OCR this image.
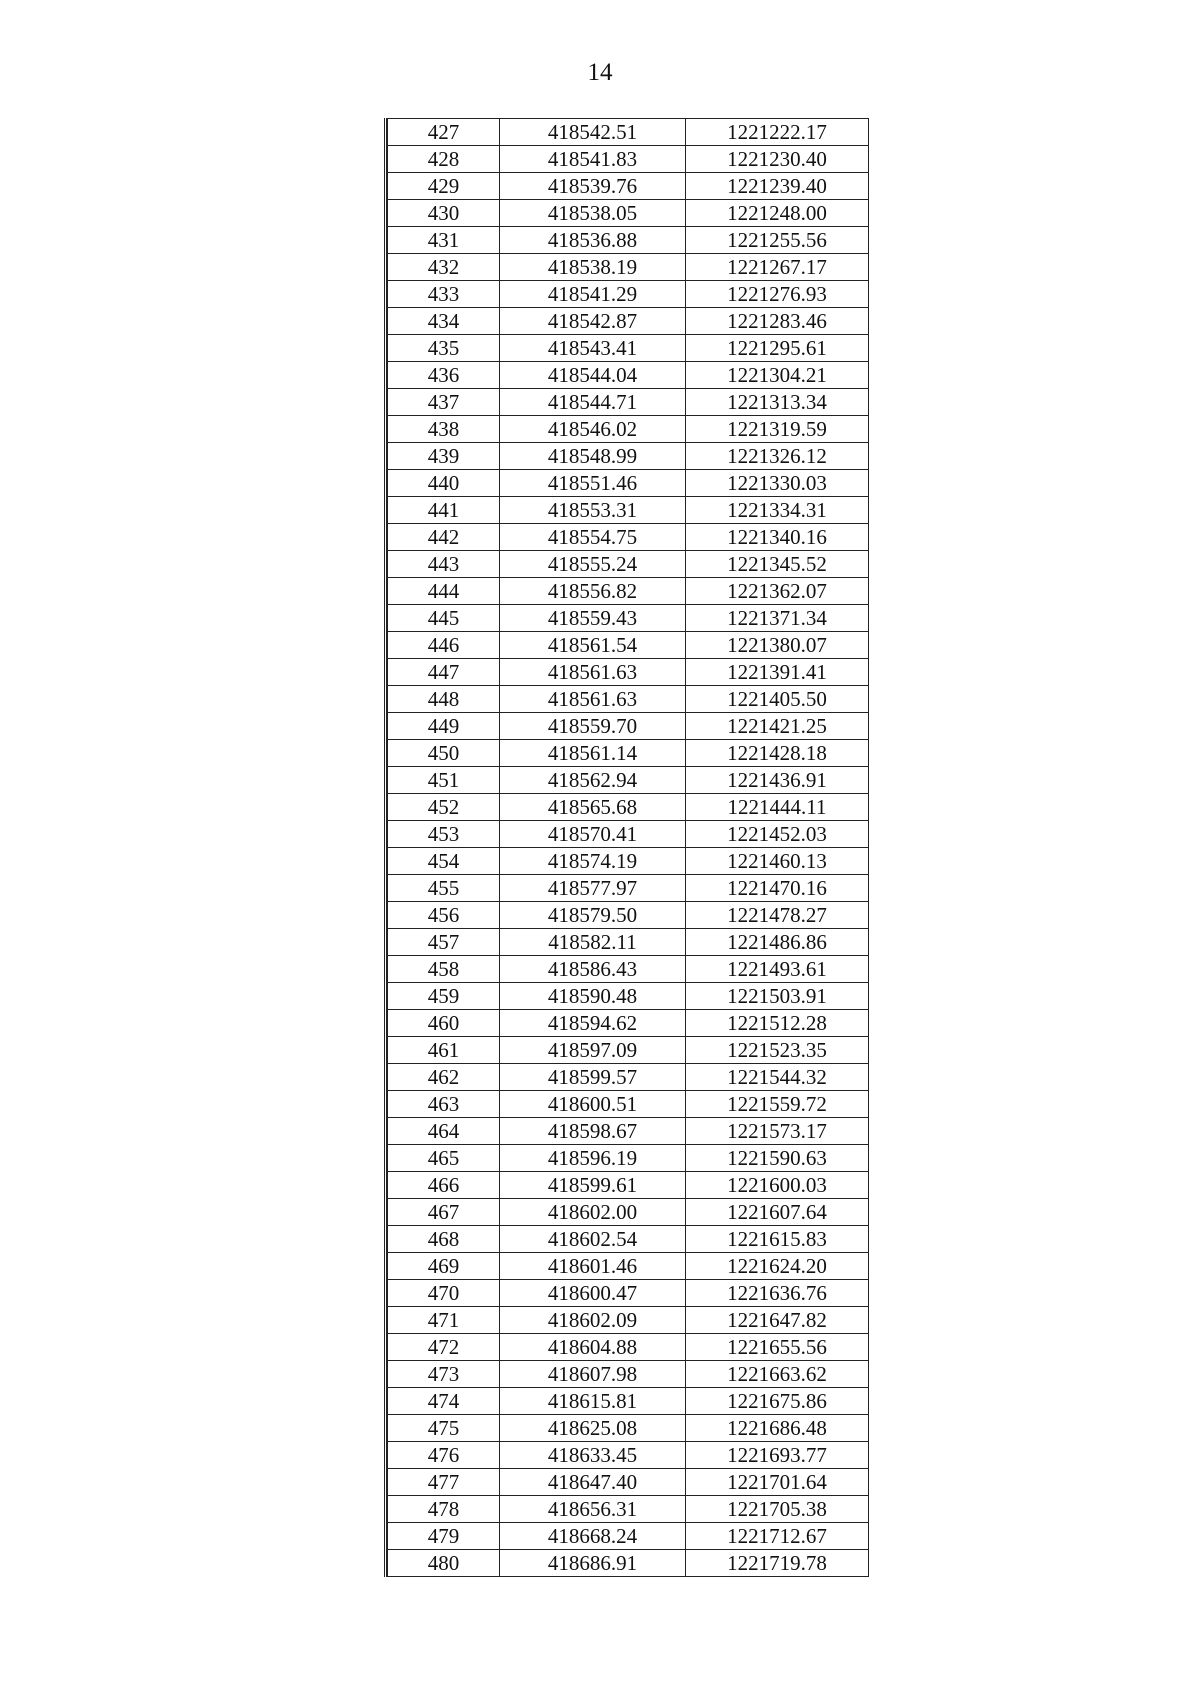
14
427	418542.51	1221222.17
428	418541.83	1221230.40
429	418539.76	1221239.40
430	418538.05	1221248.00
431	418536.88	1221255.56
432	418538.19	1221267.17
433	418541.29	1221276.93
434	418542.87	1221283.46
435	418543.41	1221295.61
436	418544.04	1221304.21
437	418544.71	1221313.34
438	418546.02	1221319.59
439	418548.99	1221326.12
440	418551.46	1221330.03
441	418553.31	1221334.31
442	418554.75	1221340.16
443	418555.24	1221345.52
444	418556.82	1221362.07
445	418559.43	1221371.34
446	418561.54	1221380.07
447	418561.63	1221391.41
448	418561.63	1221405.50
449	418559.70	1221421.25
450	418561.14	1221428.18
451	418562.94	1221436.91
452	418565.68	1221444.11
453	418570.41	1221452.03
454	418574.19	1221460.13
455	418577.97	1221470.16
456	418579.50	1221478.27
457	418582.11	1221486.86
458	418586.43	1221493.61
459	418590.48	1221503.91
460	418594.62	1221512.28
461	418597.09	1221523.35
462	418599.57	1221544.32
463	418600.51	1221559.72
464	418598.67	1221573.17
465	418596.19	1221590.63
466	418599.61	1221600.03
467	418602.00	1221607.64
468	418602.54	1221615.83
469	418601.46	1221624.20
470	418600.47	1221636.76
471	418602.09	1221647.82
472	418604.88	1221655.56
473	418607.98	1221663.62
474	418615.81	1221675.86
475	418625.08	1221686.48
476	418633.45	1221693.77
477	418647.40	1221701.64
478	418656.31	1221705.38
479	418668.24	1221712.67
480	418686.91	1221719.78
